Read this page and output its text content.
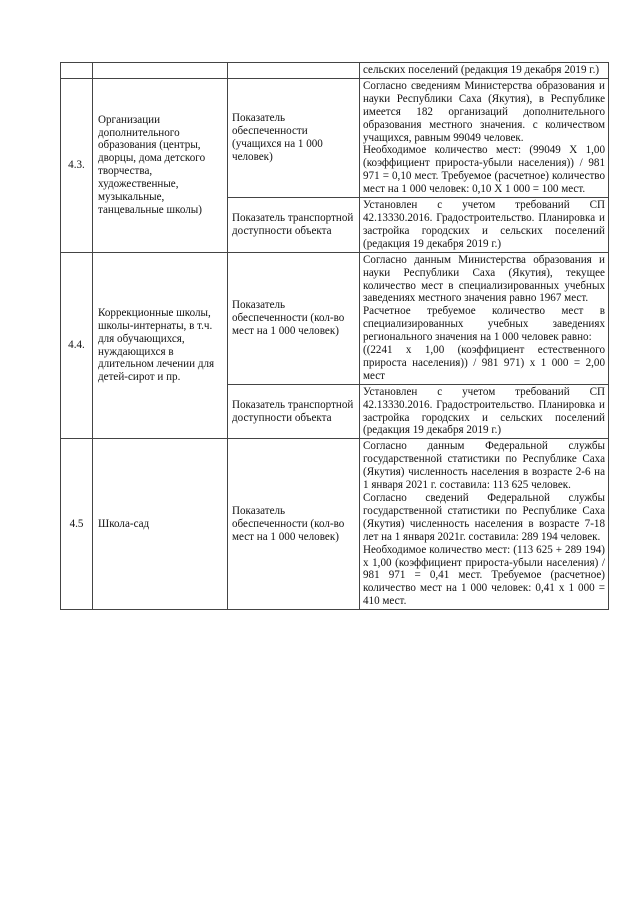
			сельских поселений (редакция 19 декабря 2019 г.)

4.3.	Организации дополнительного образования (центры, дворцы, дома детского творчества, художественные, музыкальные, танцевальные школы)	Показатель обеспеченности (учащихся на 1 000 человек)	Согласно сведениям Министерства образования и науки Республики Саха (Якутия), в Республике имеется 182 организаций дополнительного образования местного значения. с количеством учащихся, равным 99049 человек.

Необходимое количество мест: (99049 Х 1,00 (коэффициент прироста-убыли населения)) / 981 971 = 0,10 мест. Требуемое (расчетное) количество мест на 1 000 человек: 0,10 Х 1 000 = 100 мест.

		Показатель транспортной доступности объекта	Установлен с учетом требований СП 42.13330.2016. Градостроительство. Планировка и застройка городских и сельских поселений (редакция 19 декабря 2019 г.)

4.4.	Коррекционные школы, школы-интернаты, в т.ч. для обучающихся, нуждающихся в длительном лечении для детей-сирот и пр.	Показатель обеспеченности (кол-во мест на 1 000 человек)	Согласно данным Министерства образования и науки Республики Саха (Якутия), текущее количество мест в специализированных учебных заведениях местного значения равно 1967 мест.

Расчетное требуемое количество мест в специализированных учебных заведениях регионального значения на 1 000 человек равно:

((2241 х 1,00 (коэффициент естественного прироста населения)) / 981 971) х 1 000 = 2,00 мест

		Показатель транспортной доступности объекта	Установлен с учетом требований СП 42.13330.2016. Градостроительство. Планировка и застройка городских и сельских поселений (редакция 19 декабря 2019 г.)

4.5	Школа-сад	Показатель обеспеченности (кол-во мест на 1 000 человек)	Согласно данным Федеральной службы государственной статистики по Республике Саха (Якутия) численность населения в возрасте 2-6 на 1 января 2021 г. составила: 113 625 человек.

Согласно сведений Федеральной службы государственной статистики по Республике Саха (Якутия) численность населения в возрасте 7-18 лет на 1 января 2021г. составила: 289 194 человек.

Необходимое количество мест: (113 625 + 289 194) х 1,00 (коэффициент прироста-убыли населения) / 981 971 = 0,41 мест. Требуемое (расчетное) количество мест на 1 000 человек: 0,41 х 1 000 = 410 мест.
